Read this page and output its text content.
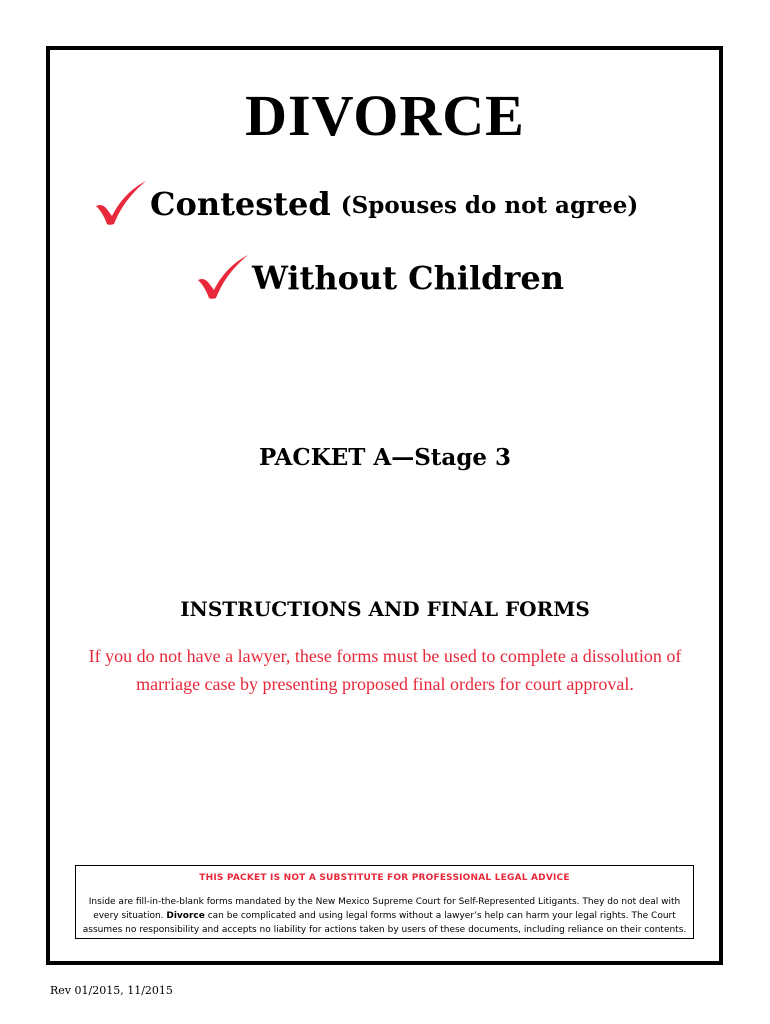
DIVORCE
Contested (Spouses do not agree)
Without Children
PACKET A—Stage 3
INSTRUCTIONS AND FINAL FORMS
If you do not have a lawyer, these forms must be used to complete a dissolution of
marriage case by presenting proposed final orders for court approval.
THIS PACKET IS NOT A SUBSTITUTE FOR PROFESSIONAL LEGAL ADVICE
Inside are fill-in-the-blank forms mandated by the New Mexico Supreme Court for Self-Represented Litigants. They do not deal with
every situation. Divorce can be complicated and using legal forms without a lawyer’s help can harm your legal rights. The Court
assumes no responsibility and accepts no liability for actions taken by users of these documents, including reliance on their contents.
Rev 01/2015, 11/2015
